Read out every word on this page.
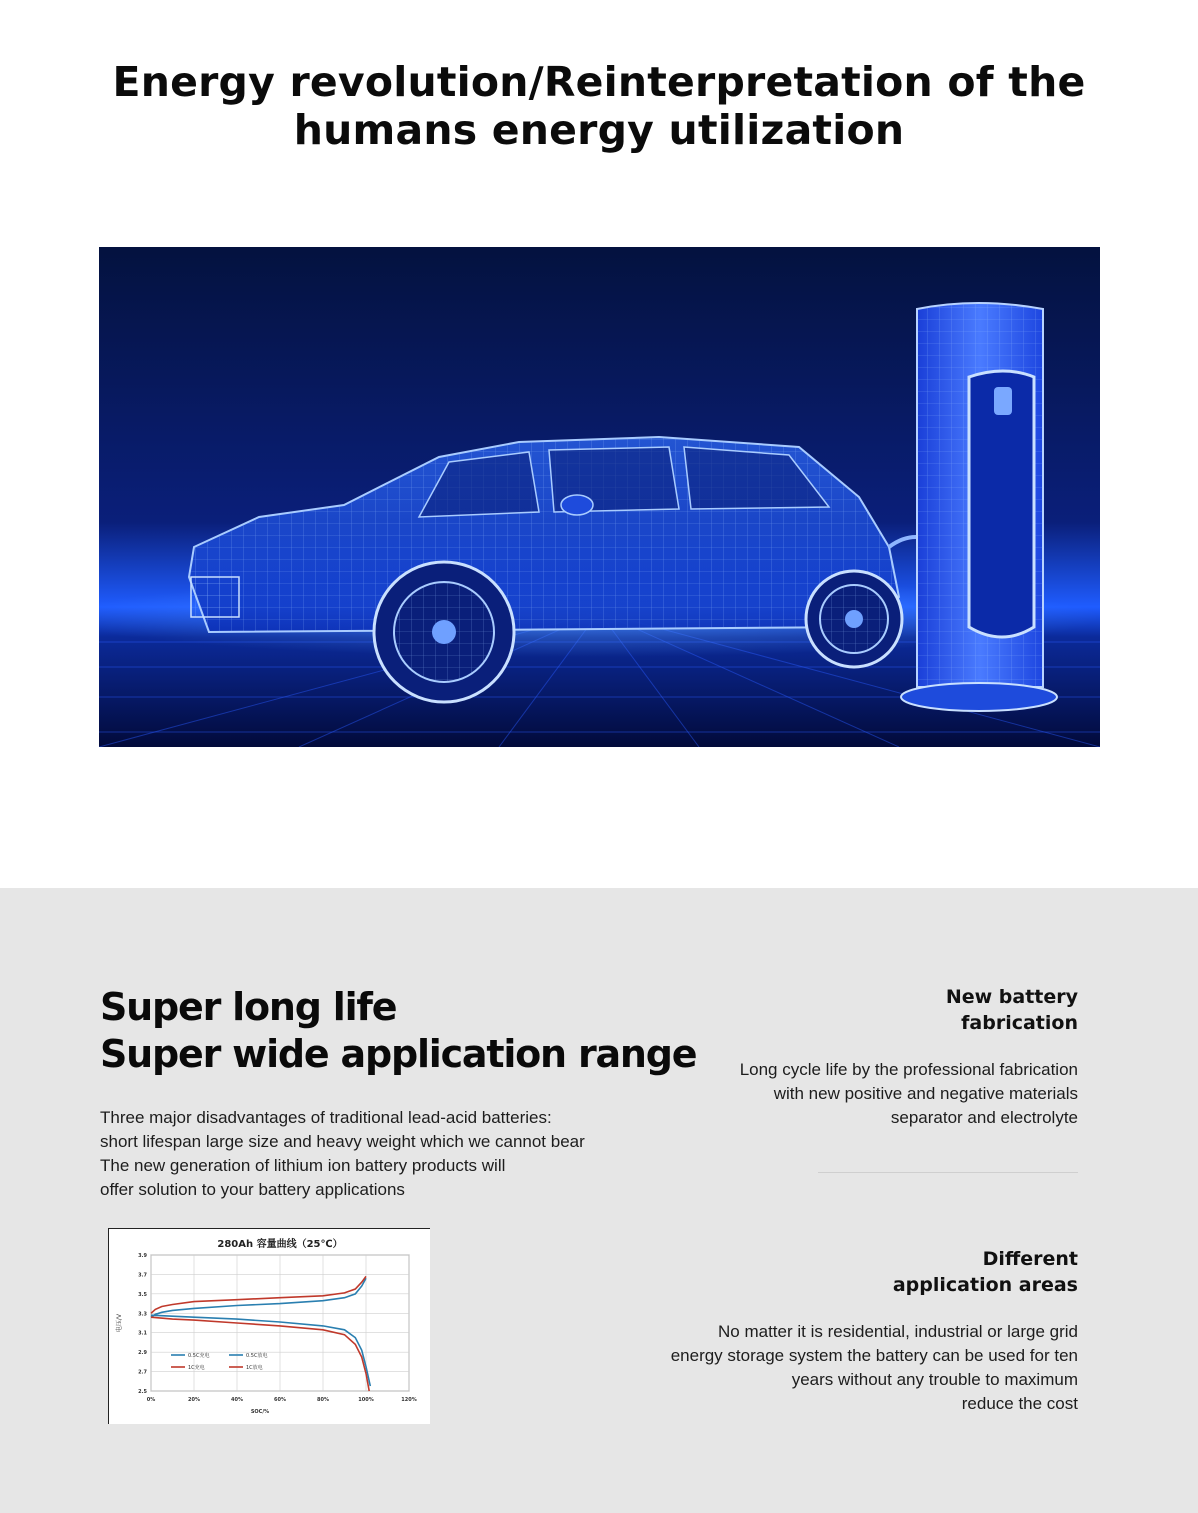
Energy revolution/Reinterpretation of the
humans energy utilization
Super long life
Super wide application range

Three major disadvantages of traditional lead-acid batteries:
short lifespan large size and heavy weight which we cannot bear
The new generation of lithium ion battery products will
offer solution to your battery applications

280Ah 容量曲线（25℃）
2.5
2.7
2.9
3.1
3.3
3.5
3.7
3.9
0%	20%	40%	60%	80%	100%	120%
SOC/%
电压/V
0.5C充电	0.5C放电
1C充电	1C放电
New battery
fabrication
Long cycle life by the professional fabrication
with new positive and negative materials
separator and electrolyte
Different
application areas
No matter it is residential, industrial or large grid
energy storage system the battery can be used for ten
years without any trouble to maximum
reduce the cost
